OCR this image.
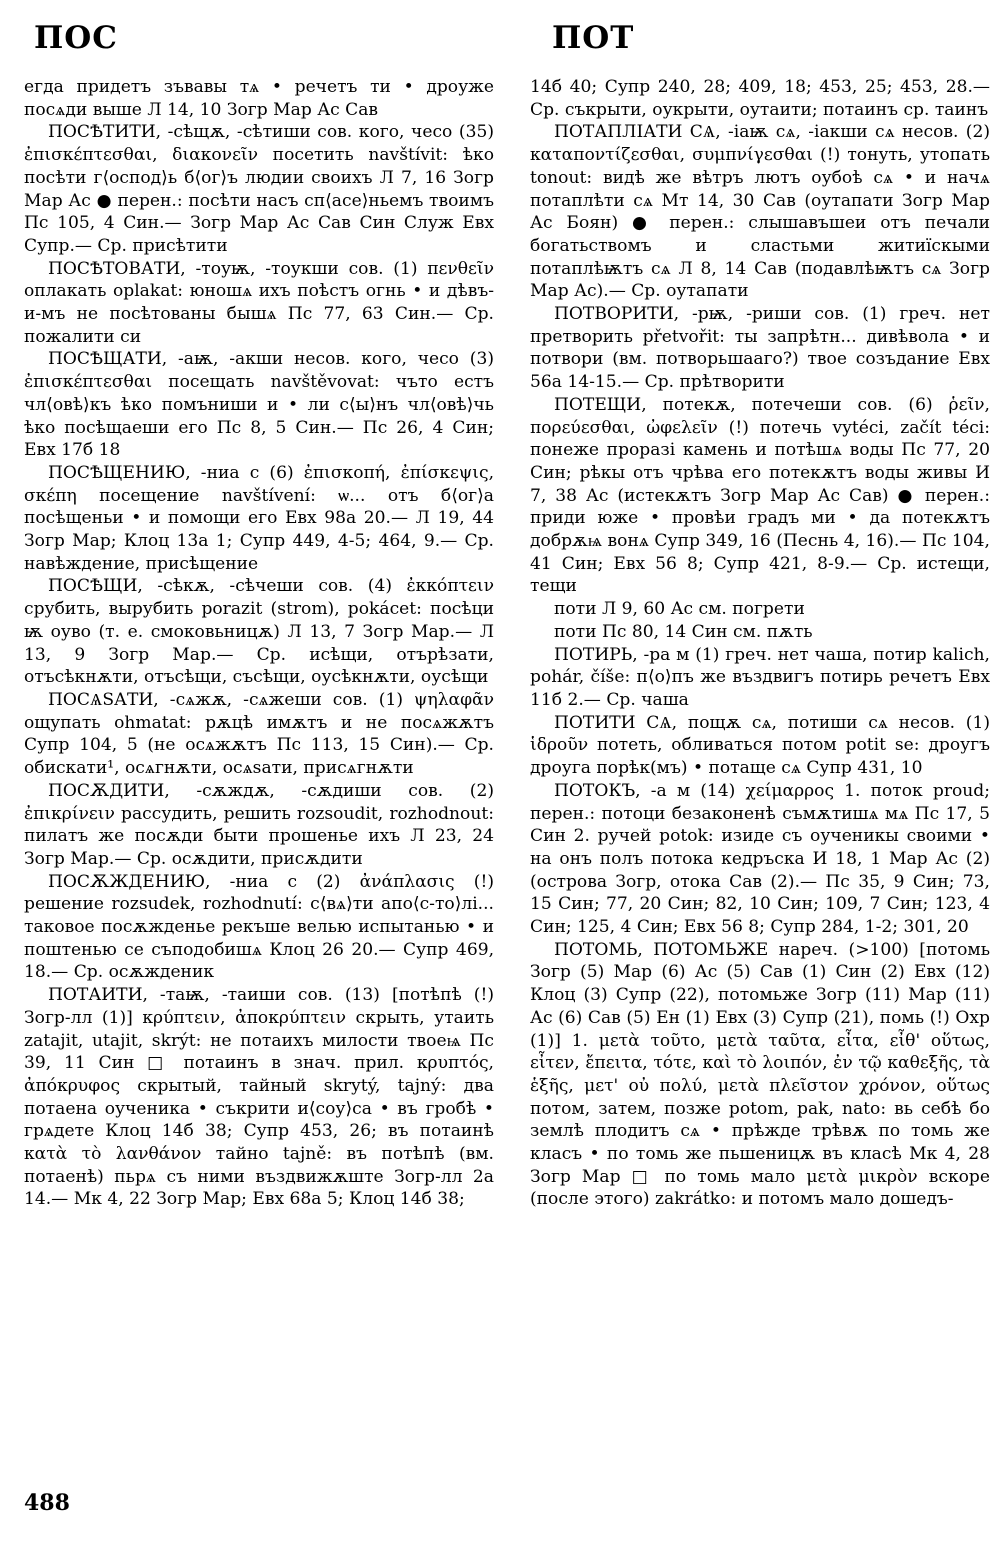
ПОС	ПОТ

егда придетъ зъвавы тѧ • речетъ ти • дроуже посѧди выше Л 14, 10 Зогр Мар Ас Сав

ПОСѢТИТИ, -сѣщѫ, -сѣтиши сов. кого, чесо (35) ἐπισκέπτεσθαι, διακονεῖν посетить navštívit: ѣко посѣти г⟨оспод⟩ь б⟨ог⟩ъ людии своихъ Л 7, 16 Зогр Мар Ас ● перен.: посѣти насъ сп⟨асе⟩ньемъ твоимъ Пс 105, 4 Син.— Зогр Мар Ас Сав Син Служ Евх Супр.— Ср. присѣтити

ПОСѢТОВАТИ, -тоуѭ, -тоукши сов. (1) πενθεῖν оплакать oplakat: юношѧ ихъ поѣстъ огнь • и дѣвъ-и-мъ не посѣтованы бышѧ Пс 77, 63 Син.— Ср. пожалити си

ПОСѢЩАТИ, -аѭ, -акши несов. кого, чесо (3) ἐπισκέπτεσθαι посещать navštěvovat: чъто естъ чл⟨овѣ⟩къ ѣко помъниши и • ли с⟨ы⟩нъ чл⟨овѣ⟩чь ѣко посѣщаеши его Пс 8, 5 Син.— Пс 26, 4 Син; Евх 17б 18

ПОСѢЩЕНИЮ, -ниа с (6) ἐπισκοπή, ἐπίσκεψις, σκέπη посещение navštívení: ѡ... отъ б⟨ог⟩а посѣщеньи • и помощи его Евх 98а 20.— Л 19, 44 Зогр Мар; Клоц 13а 1; Супр 449, 4-5; 464, 9.— Ср. навѣждение, присѣщение

ПОСѢЩИ, -сѣкѫ, -сѣчеши сов. (4) ἐκκόπτειν срубить, вырубить porazit (strom), pokácet: посѣци ѭ оуво (т. е. смоковьницѫ) Л 13, 7 Зогр Мар.— Л 13, 9 Зогр Мар.— Ср. исѣщи, отърѣзати, отъсѣкнѫти, отъсѣщи, съсѣщи, оусѣкнѫти, оусѣщи

ПОСѦЅАТИ, -сѧжѫ, -сѧжеши сов. (1) ψηλαφᾶν ощупать ohmatat: рѫцѣ имѫтъ и не посѧжѫтъ Супр 104, 5 (не осѧжѫтъ Пс 113, 15 Син).— Ср. обискати¹, осѧгнѫти, осѧѕати, присѧгнѫти

ПОСѪДИТИ, -сѫждѫ, -сѫдиши сов. (2) ἐπικρίνειν рассудить, решить rozsoudit, rozhodnout: пилатъ же посѫди быти прошенье ихъ Л 23, 24 Зогр Мар.— Ср. осѫдити, присѫдити

ПОСѪЖДЕНИЮ, -ниа с (2) ἀνάπλασις (!) решение rozsudek, rozhodnutí: с⟨вѧ⟩ти апо⟨с-то⟩лі... таковое посѫжденье рекъше велью испытанью • и поштенью се съподобишѧ Клоц 26 20.— Супр 469, 18.— Ср. осѫжденик

ПОТАИТИ, -таѭ, -таиши сов. (13) [потѣпѣ (!) Зогр-лл (1)] κρύπτειν, ἀποκρύπτειν скрыть, утаить zatajit, utajit, skrýt: не потаихъ милости твоеѩ Пс 39, 11 Син □ потаинъ в знач. прил. κρυπτός, ἀπόκρυφος скрытый, тайный skrytý, tajný: два потаена оученика • съкрити и⟨соу⟩са • въ гробѣ • грѧдете Клоц 14б 38; Супр 453, 26; въ потаинѣ κατὰ τὸ λανθάνον тайно tajně: въ потѣпѣ (вм. потаенѣ) пьрѧ съ ними въздвижѫште Зогр-лл 2а 14.— Мк 4, 22 Зогр Мар; Евх 68а 5; Клоц 14б 38;

14б 40; Супр 240, 28; 409, 18; 453, 25; 453, 28.— Ср. съкрыти, оукрыти, оутаити; потаинъ ср. таинъ

ПОТАПЛІАТИ СѦ, -іаѭ сѧ, -іакши сѧ несов. (2) καταποντίζεσθαι, συμπνίγεσθαι (!) тонуть, утопать tonout: видѣ же вѣтръ лютъ оубоѣ сѧ • и начѧ потаплѣти сѧ Мт 14, 30 Сав (оутапати Зогр Мар Ас Боян) ● перен.: слышавъшеи отъ печали богатьствомъ и сластьми житиїскыми потаплѣѭтъ сѧ Л 8, 14 Сав (подавлѣѭтъ сѧ Зогр Мар Ас).— Ср. оутапати

ПОТВОРИТИ, -рѭ, -риши сов. (1) греч. нет претворить přetvořit: ты запрѣтн... дивѣвола • и потвори (вм. потворьшаагo?) твое созъдание Евх 56а 14-15.— Ср. прѣтворити

ПОТЕЩИ, потекѫ, потечеши сов. (6) ῥεῖν, πορεύεσθαι, ὠφελεῖν (!) потечь vytéci, začít téci: понеже проразі камень и потѣшѧ воды Пс 77, 20 Син; рѣкы отъ чрѣва его потекѫтъ воды живы И 7, 38 Ас (истекѫтъ Зогр Мар Ас Сав) ● перен.: приди юже • провѣи градъ ми • да потекѫтъ добрѫѩ вонѧ Супр 349, 16 (Песнь 4, 16).— Пс 104, 41 Син; Евх 56 8; Супр 421, 8-9.— Ср. истещи, тещи

поти Л 9, 60 Ас см. погрети

поти Пс 80, 14 Син см. пѫть

ПОТИРЬ, -ра м (1) греч. нет чаша, потир kalich, pohár, číše: п⟨о⟩пъ же въздвигъ потирь речетъ Евх 11б 2.— Ср. чаша

ПОТИТИ СѦ, пощѫ сѧ, потиши сѧ несов. (1) ἱδροῦν потеть, обливаться потом potit se: дроугъ дроуга порѣк(мъ) • потаще сѧ Супр 431, 10

ПОТОКЪ, -а м (14) χείμαρρος 1. поток proud; перен.: потоци безаконенѣ съмѫтишѧ мѧ Пс 17, 5 Син 2. ручей potok: изиде съ оученикы своими • на онъ полъ потока кедръска И 18, 1 Мар Ас (2) (острова Зогр, отока Сав (2).— Пс 35, 9 Син; 73, 15 Син; 77, 20 Син; 82, 10 Син; 109, 7 Син; 123, 4 Син; 125, 4 Син; Евх 56 8; Супр 284, 1-2; 301, 20

ПОТОМЬ, ПОТОМЬЖЕ нареч. (>100) [потомь Зогр (5) Мар (6) Ас (5) Сав (1) Син (2) Евх (12) Клоц (3) Супр (22), потомьже Зогр (11) Мар (11) Ас (6) Сав (5) Ен (1) Евх (3) Супр (21), помь (!) Охр (1)] 1. μετὰ τοῦτο, μετὰ ταῦτα, εἶτα, εἶθ' οὕτως, εἶτεν, ἔπειτα, τότε, καὶ τὸ λοιπόν, ἐν τῷ καθεξῆς, τὰ ἑξῆς, μετ' οὐ πολύ, μετὰ πλεῖστον χρόνον, οὕτως потом, затем, позже potom, pak, nato: вь себѣ бо землѣ плодитъ сѧ • прѣжде трѣвѫ по томь же класъ • по томь же пьшеницѫ въ класѣ Мк 4, 28 Зогр Мар □ по томь мало μετὰ μικρὸν вскоре (после этого) zakrátko: и потомъ мало дошедъ-

488
